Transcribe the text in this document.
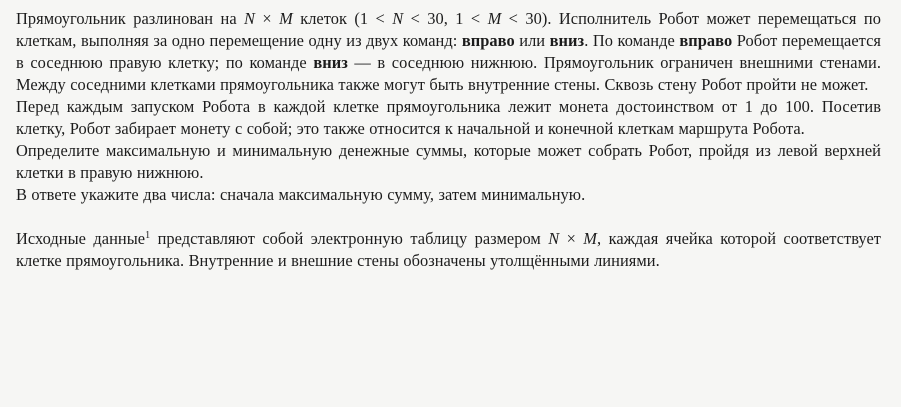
Прямоугольник разлинован на N × M клеток (1 < N < 30, 1 < M < 30). Исполнитель Робот может перемещаться по клеткам, выполняя за одно перемещение одну из двух команд: вправо или вниз. По команде вправо Робот перемещается в соседнюю правую клетку; по команде вниз — в соседнюю нижнюю. Прямоугольник ограничен внешними стенами. Между соседними клетками прямоугольника также могут быть внутренние стены. Сквозь стену Робот пройти не может.

Перед каждым запуском Робота в каждой клетке прямоугольника лежит монета достоинством от 1 до 100. Посетив клетку, Робот забирает монету с собой; это также относится к начальной и конечной клеткам маршрута Робота.

Определите максимальную и минимальную денежные суммы, которые может собрать Робот, пройдя из левой верхней клетки в правую нижнюю.

В ответе укажите два числа: сначала максимальную сумму, затем минимальную.

Исходные данные$^1$ представляют собой электронную таблицу размером N × M, каждая ячейка которой соответствует клетке прямоугольника. Внутренние и внешние стены обозначены утолщёнными линиями.
